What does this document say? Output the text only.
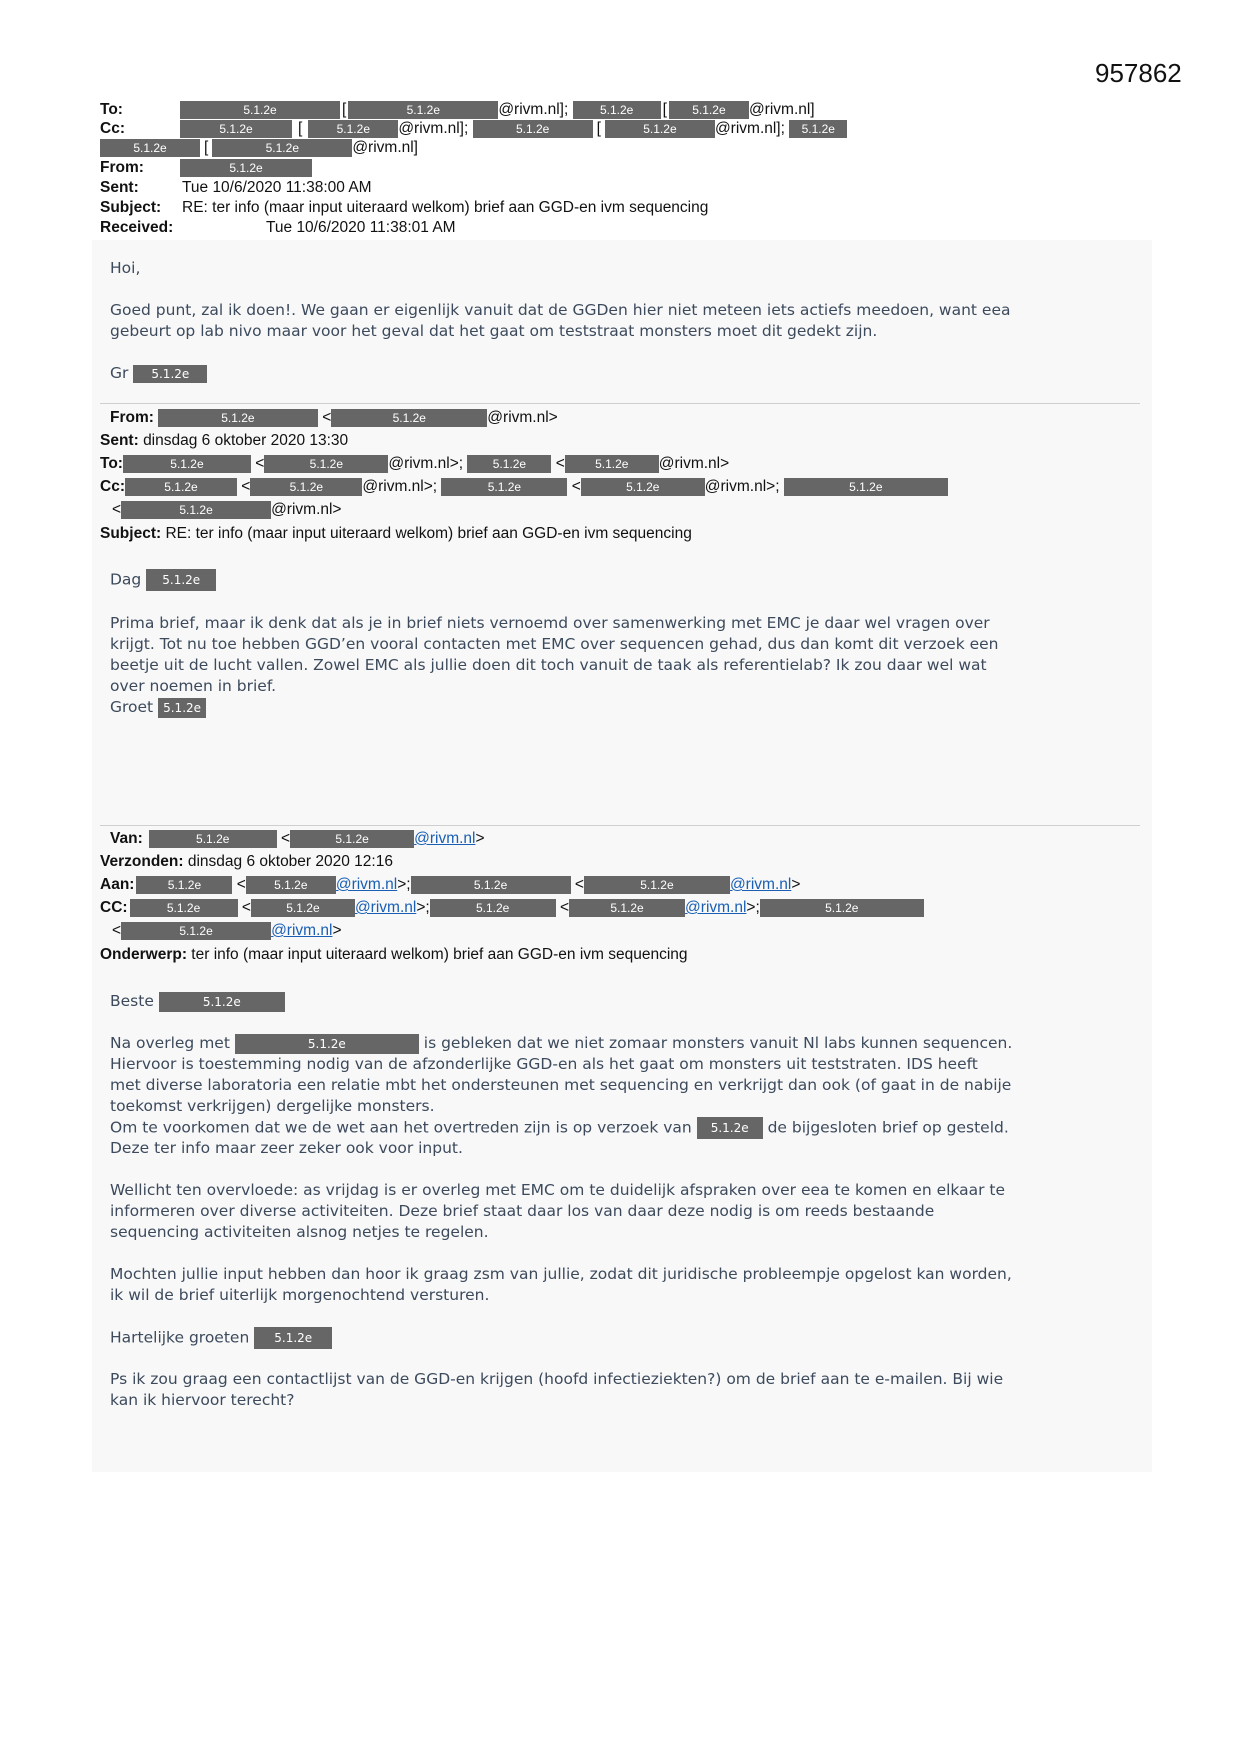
957862
To:	5.1.2e	[	5.1.2e	@rivm.nl];	5.1.2e [ 5.1.2e @rivm.nl]
Cc:	5.1.2e	[	5.1.2e @rivm.nl];	5.1.2e	[	5.1.2e @rivm.nl]; 5.1.2e
5.1.2e [	5.1.2e	@rivm.nl]
From:	5.1.2e
Sent:	Tue 10/6/2020 11:38:00 AM
Subject: RE: ter info (maar input uiteraard welkom) brief aan GGD-en ivm sequencing
Received:	Tue 10/6/2020 11:38:01 AM
Hoi,
Goed punt, zal ik doen!. We gaan er eigenlijk vanuit dat de GGDen hier niet meteen iets actiefs meedoen, want eea
gebeurt op lab nivo maar voor het geval dat het gaat om teststraat monsters moet dit gedekt zijn.
Gr 5.1.2e
From:	5.1.2e	<	5.1.2e	@rivm.nl>
Sent: dinsdag 6 oktober 2020 13:30
To:	5.1.2e	<	5.1.2e	@rivm.nl>; 5.1.2e <	5.1.2e @rivm.nl>
Cc:	5.1.2e	<	5.1.2e	@rivm.nl>;	5.1.2e	<	5.1.2e	@rivm.nl>;	5.1.2e
<	5.1.2e	@rivm.nl>
Subject: RE: ter info (maar input uiteraard welkom) brief aan GGD-en ivm sequencing
Dag 5.1.2e
Prima brief, maar ik denk dat als je in brief niets vernoemd over samenwerking met EMC je daar wel vragen over
krijgt. Tot nu toe hebben GGD’en vooral contacten met EMC over sequencen gehad, dus dan komt dit verzoek een
beetje uit de lucht vallen. Zowel EMC als jullie doen dit toch vanuit de taak als referentielab? Ik zou daar wel wat
over noemen in brief.
Groet 5.1.2e
Van:	5.1.2e	<	5.1.2e	@rivm.nl>
Verzonden: dinsdag 6 oktober 2020 12:16
Aan:	5.1.2e < 5.1.2e @rivm.nl>;	5.1.2e	<	5.1.2e	@rivm.nl>
CC:	5.1.2e	<	5.1.2e @rivm.nl>;	5.1.2e	<	5.1.2e	@rivm.nl>;	5.1.2e
<	5.1.2e	@rivm.nl>
Onderwerp: ter info (maar input uiteraard welkom) brief aan GGD-en ivm sequencing
Beste	5.1.2e
Na overleg met	5.1.2e	is gebleken dat we niet zomaar monsters vanuit Nl labs kunnen sequencen.
Hiervoor is toestemming nodig van de afzonderlijke GGD-en als het gaat om monsters uit teststraten. IDS heeft
met diverse laboratoria een relatie mbt het ondersteunen met sequencing en verkrijgt dan ook (of gaat in de nabije
toekomst verkrijgen) dergelijke monsters.
Om te voorkomen dat we de wet aan het overtreden zijn is op verzoek van 5.1.2e de bijgesloten brief op gesteld.
Deze ter info maar zeer zeker ook voor input.
Wellicht ten overvloede: as vrijdag is er overleg met EMC om te duidelijk afspraken over eea te komen en elkaar te
informeren over diverse activiteiten. Deze brief staat daar los van daar deze nodig is om reeds bestaande
sequencing activiteiten alsnog netjes te regelen.
Mochten jullie input hebben dan hoor ik graag zsm van jullie, zodat dit juridische probleempje opgelost kan worden,
ik wil de brief uiterlijk morgenochtend versturen.
Hartelijke groeten 5.1.2e
Ps ik zou graag een contactlijst van de GGD-en krijgen (hoofd infectieziekten?) om de brief aan te e-mailen. Bij wie
kan ik hiervoor terecht?
